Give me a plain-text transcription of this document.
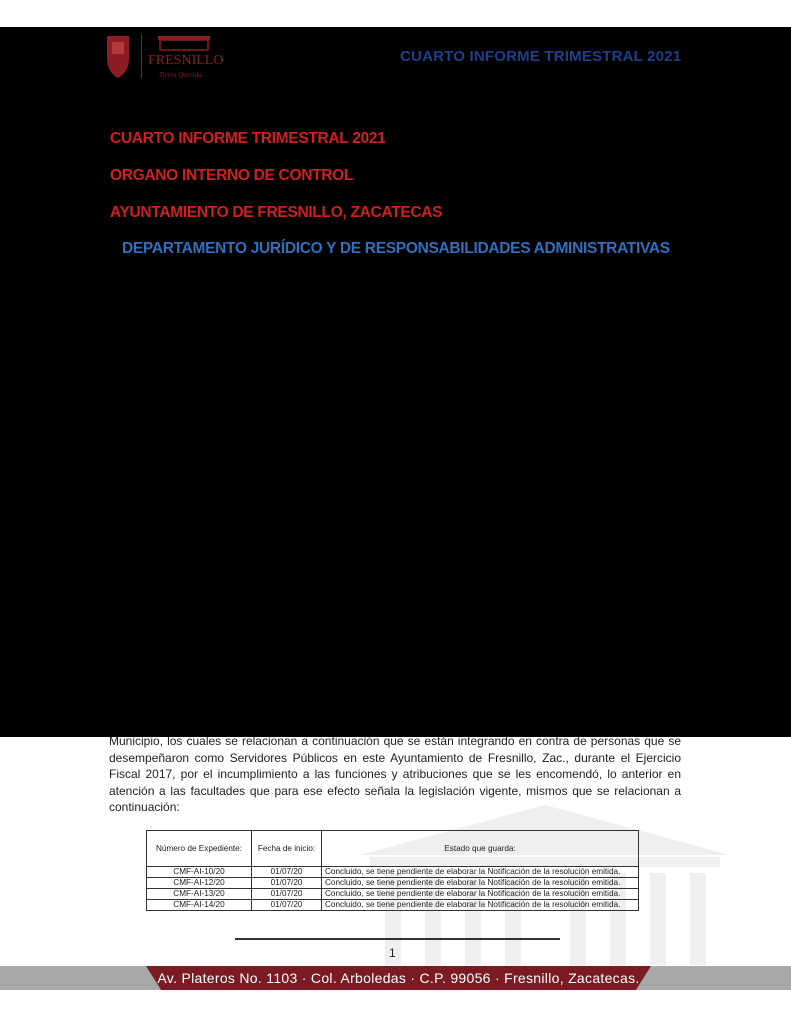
FRESNILLO
Tierra Querida
CUARTO INFORME TRIMESTRAL 2021
CUARTO INFORME TRIMESTRAL 2021
ORGANO INTERNO DE CONTROL
AYUNTAMIENTO DE FRESNILLO, ZACATECAS
DEPARTAMENTO JURÍDICO Y DE RESPONSABILIDADES ADMINISTRATIVAS
Municipio, los cuales se relacionan a continuación que se están integrando en contra de personas que se desempeñaron como Servidores Públicos en este Ayuntamiento de Fresnillo, Zac., durante el Ejercicio Fiscal 2017, por el incumplimiento a las funciones y atribuciones que se les encomendó, lo anterior en atención a las facultades que para ese efecto señala la legislación vigente, mismos que se relacionan a continuación:
Número de Expediente:	Fecha de inicio:	Estado que guarda:
CMF-AI-10/20	01/07/20	Concluido, se tiene pendiente de elaborar la Notificación de la resolución emitida.
CMF-AI-12/20	01/07/20	Concluido, se tiene pendiente de elaborar la Notificación de la resolución emitida.
CMF-AI-13/20	01/07/20	Concluido, se tiene pendiente de elaborar la Notificación de la resolución emitida.
CMF-AI-14/20	01/07/20	Concluido, se tiene pendiente de elaborar la Notificación de la resolución emitida.
1
Av. Plateros No. 1103 · Col. Arboledas · C.P. 99056 · Fresnillo, Zacatecas.
